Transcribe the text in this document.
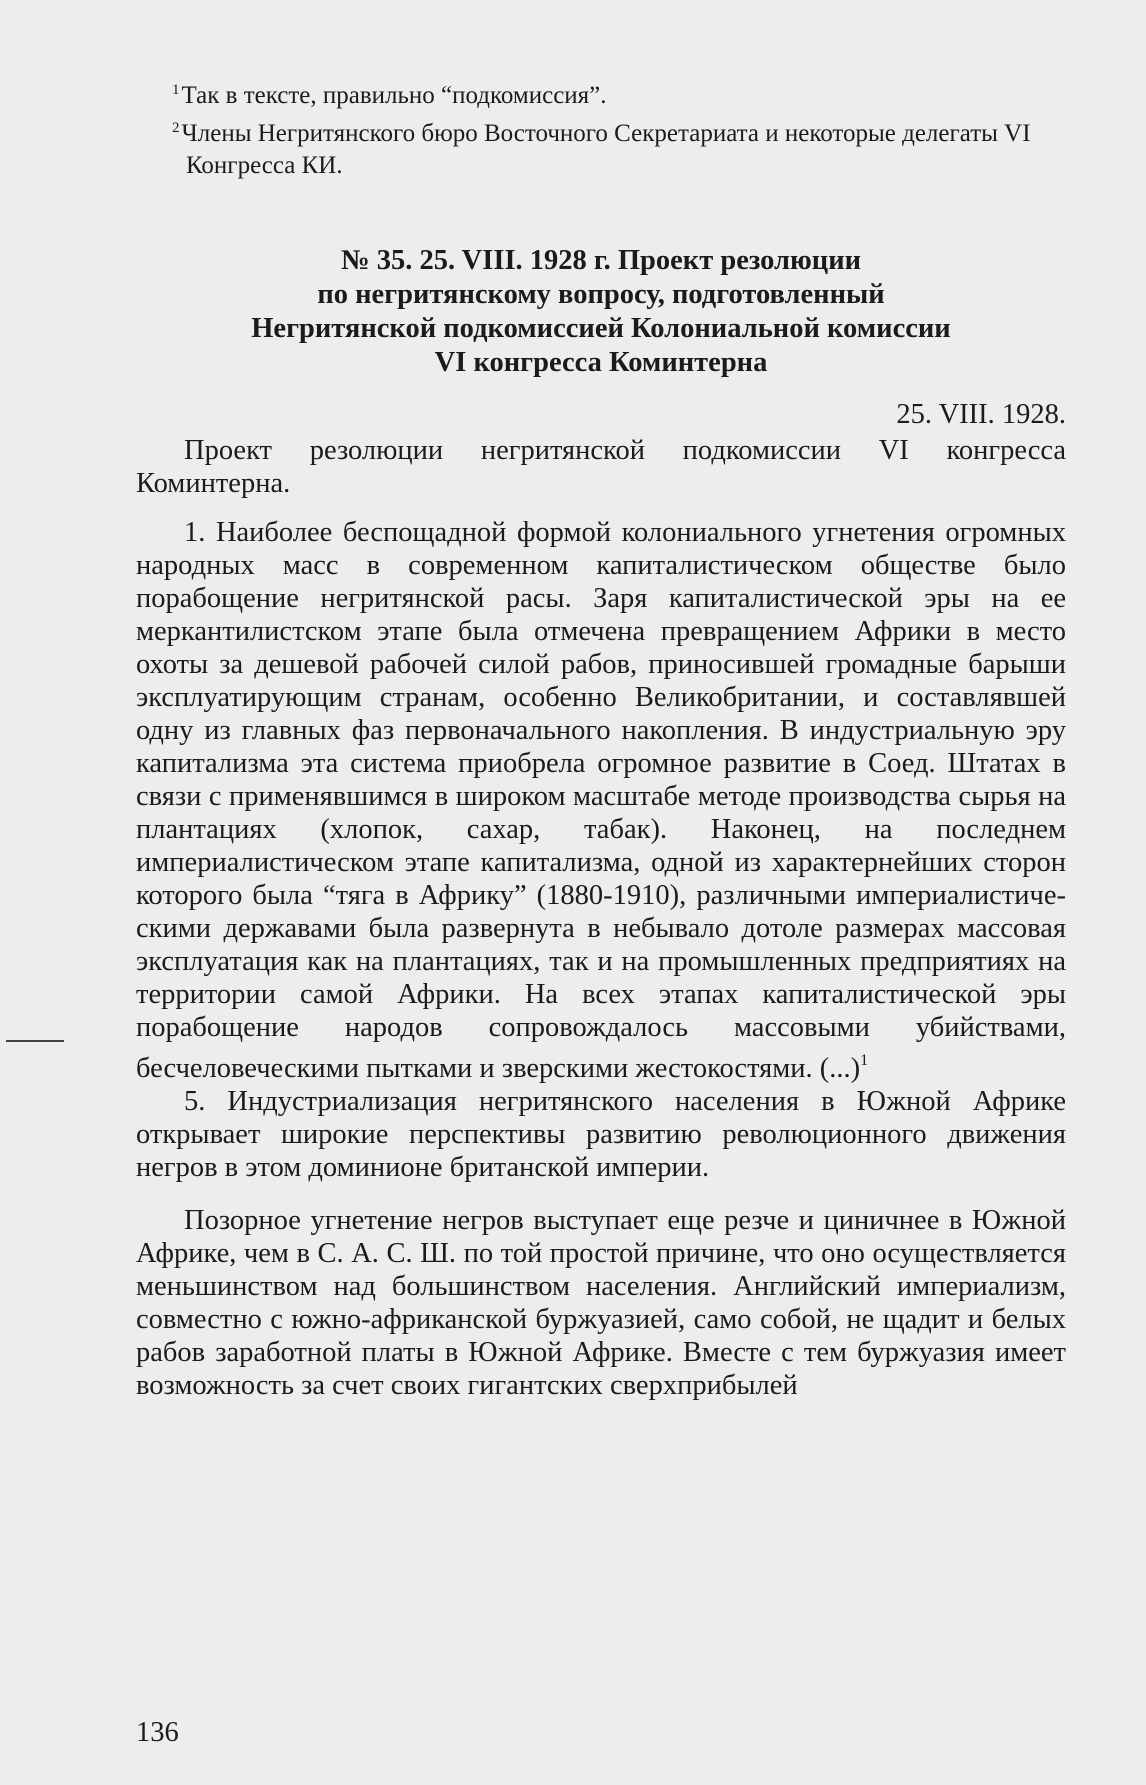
$^1$Так в тексте, правильно “подкомиссия”.

$^2$Члены Негритянского бюро Восточного Секретариата и некоторые делегаты VI Конгресса КИ.

№ 35. 25. VIII. 1928 г. Проект резолюции
по негритянскому вопросу, подготовленный
Негритянской подкомиссией Колониальной комиссии
VI конгресса Коминтерна
25. VIII. 1928.

Проект резолюции негритянской подкомиссии VI конгресса Коминтерна.

1. Наиболее беспощадной формой колониального угнетения огромных народных масс в современном капиталистическом обществе было порабощение негритянской расы. Заря капиталистической эры на ее меркантилистском этапе была отмечена превращением Африки в место охоты за дешевой рабочей силой рабов, приносившей громадные барыши эксплуатирующим странам, особенно Великобритании, и составлявшей одну из главных фаз первоначального накопления. В индустриальную эру капитализма эта система приобрела огромное развитие в Соед. Штатах в связи с применявшимся в широком масштабе методе производства сырья на плантациях (хлопок, сахар, табак). Наконец, на последнем империалистическом этапе капитализма, одной из характернейших сторон которого была “тяга в Африку” (1880-1910), различными империалистическими державами была развернута в небывало дотоле размерах массовая эксплуатация как на плантациях, так и на промышленных предприятиях на территории самой Африки. На всех этапах капиталистической эры порабощение народов сопровождалось массовыми убийствами, бесчеловеческими пытками и зверскими жестокостями. (...)$^1$

5. Индустриализация негритянского населения в Южной Африке открывает широкие перспективы развитию революционного движения негров в этом доминионе британской империи.

Позорное угнетение негров выступает еще резче и циничнее в Южной Африке, чем в С. А. С. Ш. по той простой причине, что оно осуществляется меньшинством над большинством населения. Английский империализм, совместно с южно-африканской буржуазией, само собой, не щадит и белых рабов заработной платы в Южной Африке. Вместе с тем буржуазия имеет возможность за счет своих гигантских сверхприбылей

136
